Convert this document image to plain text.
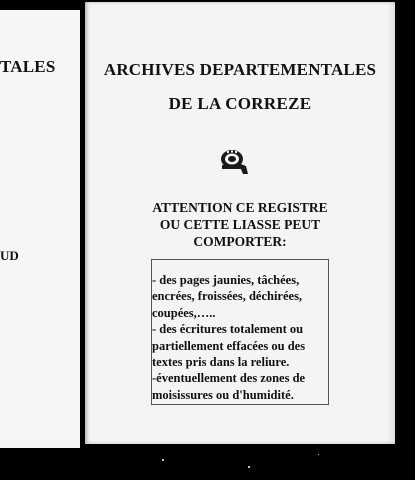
TALES
UD
ARCHIVES DEPARTEMENTALES
DE LA CORREZE
ATTENTION CE REGISTRE
OU CETTE LIASSE PEUT
COMPORTER:
- des pages jaunies, tâchées,
encrées, froissées, déchirées,
coupées,…..
- des écritures totalement ou
partiellement effacées ou des
textes pris dans la reliure.
-éventuellement des zones de
moisissures ou d'humidité.
